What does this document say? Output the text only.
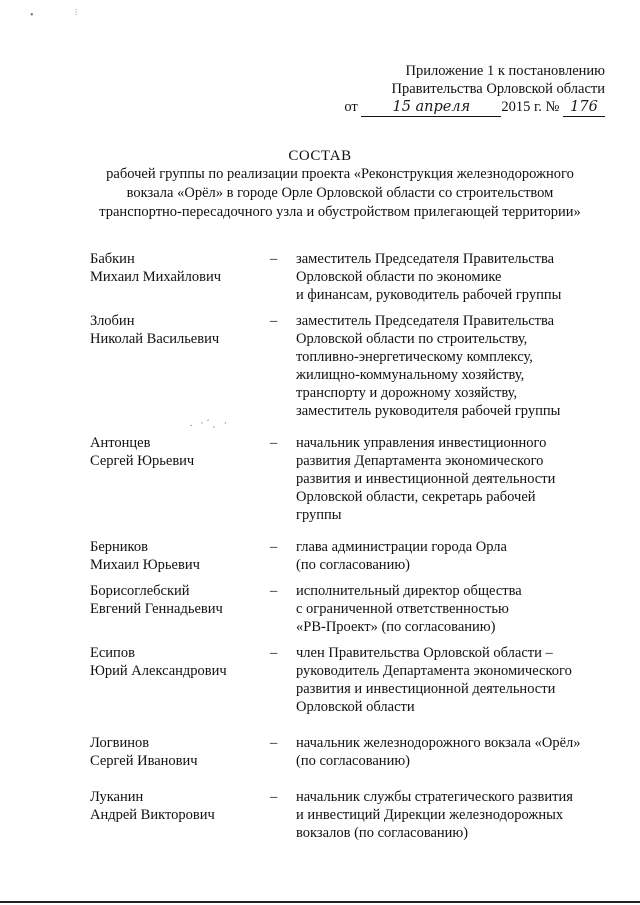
•	⁞
Приложение 1 к постановлению
Правительства Орловской области
от 15 апреля 2015 г. № 176
СОСТАВ
рабочей группы по реализации проекта «Реконструкция железнодорожного
вокзала «Орёл» в городе Орле Орловской области со строительством
транспортно-пересадочного узла и обустройством прилегающей территории»
Бабкин
Михаил Михайлович
–	заместитель Председателя Правительства
Орловской области по экономике
и финансам, руководитель рабочей группы
Злобин
Николай Васильевич
–	заместитель Председателя Правительства
Орловской области по строительству,
топливно-энергетическому комплексу,
жилищно-коммунальному хозяйству,
транспорту и дорожному хозяйству,
заместитель руководителя рабочей группы
Антонцев
Сергей Юрьевич
–	начальник управления инвестиционного
развития Департамента экономического
развития и инвестиционной деятельности
Орловской области, секретарь рабочей
группы
Берников
Михаил Юрьевич
–	глава администрации города Орла
(по согласованию)
Борисоглебский
Евгений Геннадьевич
–	исполнительный директор общества
с ограниченной ответственностью
«РВ-Проект» (по согласованию)
Есипов
Юрий Александрович
–	член Правительства Орловской области –
руководитель Департамента экономического
развития и инвестиционной деятельности
Орловской области
Логвинов
Сергей Иванович
–	начальник железнодорожного вокзала «Орёл»
(по согласованию)
Луканин
Андрей Викторович
–	начальник службы стратегического развития
и инвестиций Дирекции железнодорожных
вокзалов (по согласованию)
. ·´ˏ ·
